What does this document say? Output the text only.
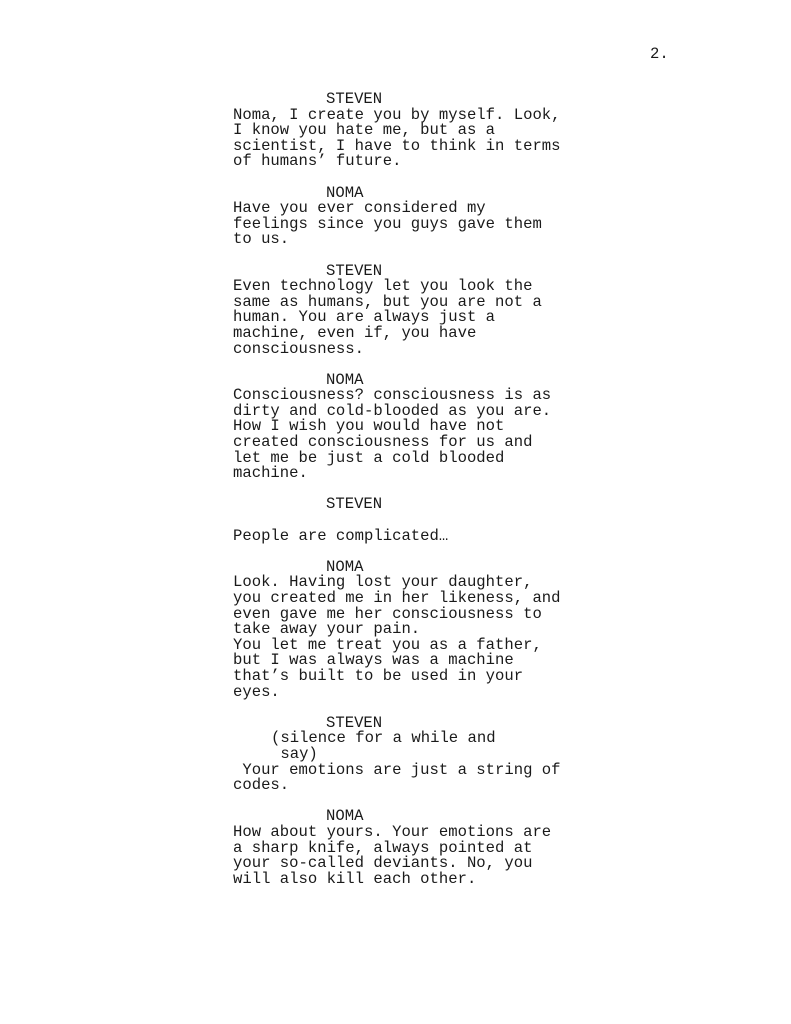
2.
STEVEN
Noma, I create you by myself. Look,
I know you hate me, but as a
scientist, I have to think in terms
of humans’ future.
NOMA
Have you ever considered my
feelings since you guys gave them
to us.
STEVEN
Even technology let you look the
same as humans, but you are not a
human. You are always just a
machine, even if, you have
consciousness.
NOMA
Consciousness? consciousness is as
dirty and cold-blooded as you are.
How I wish you would have not
created consciousness for us and
let me be just a cold blooded
machine.
STEVEN
People are complicated…
NOMA
Look. Having lost your daughter,
you created me in her likeness, and
even gave me her consciousness to
take away your pain.
You let me treat you as a father,
but I was always was a machine
that’s built to be used in your
eyes.
STEVEN
(silence for a while and
say)
Your emotions are just a string of
codes.
NOMA
How about yours. Your emotions are
a sharp knife, always pointed at
your so-called deviants. No, you
will also kill each other.
